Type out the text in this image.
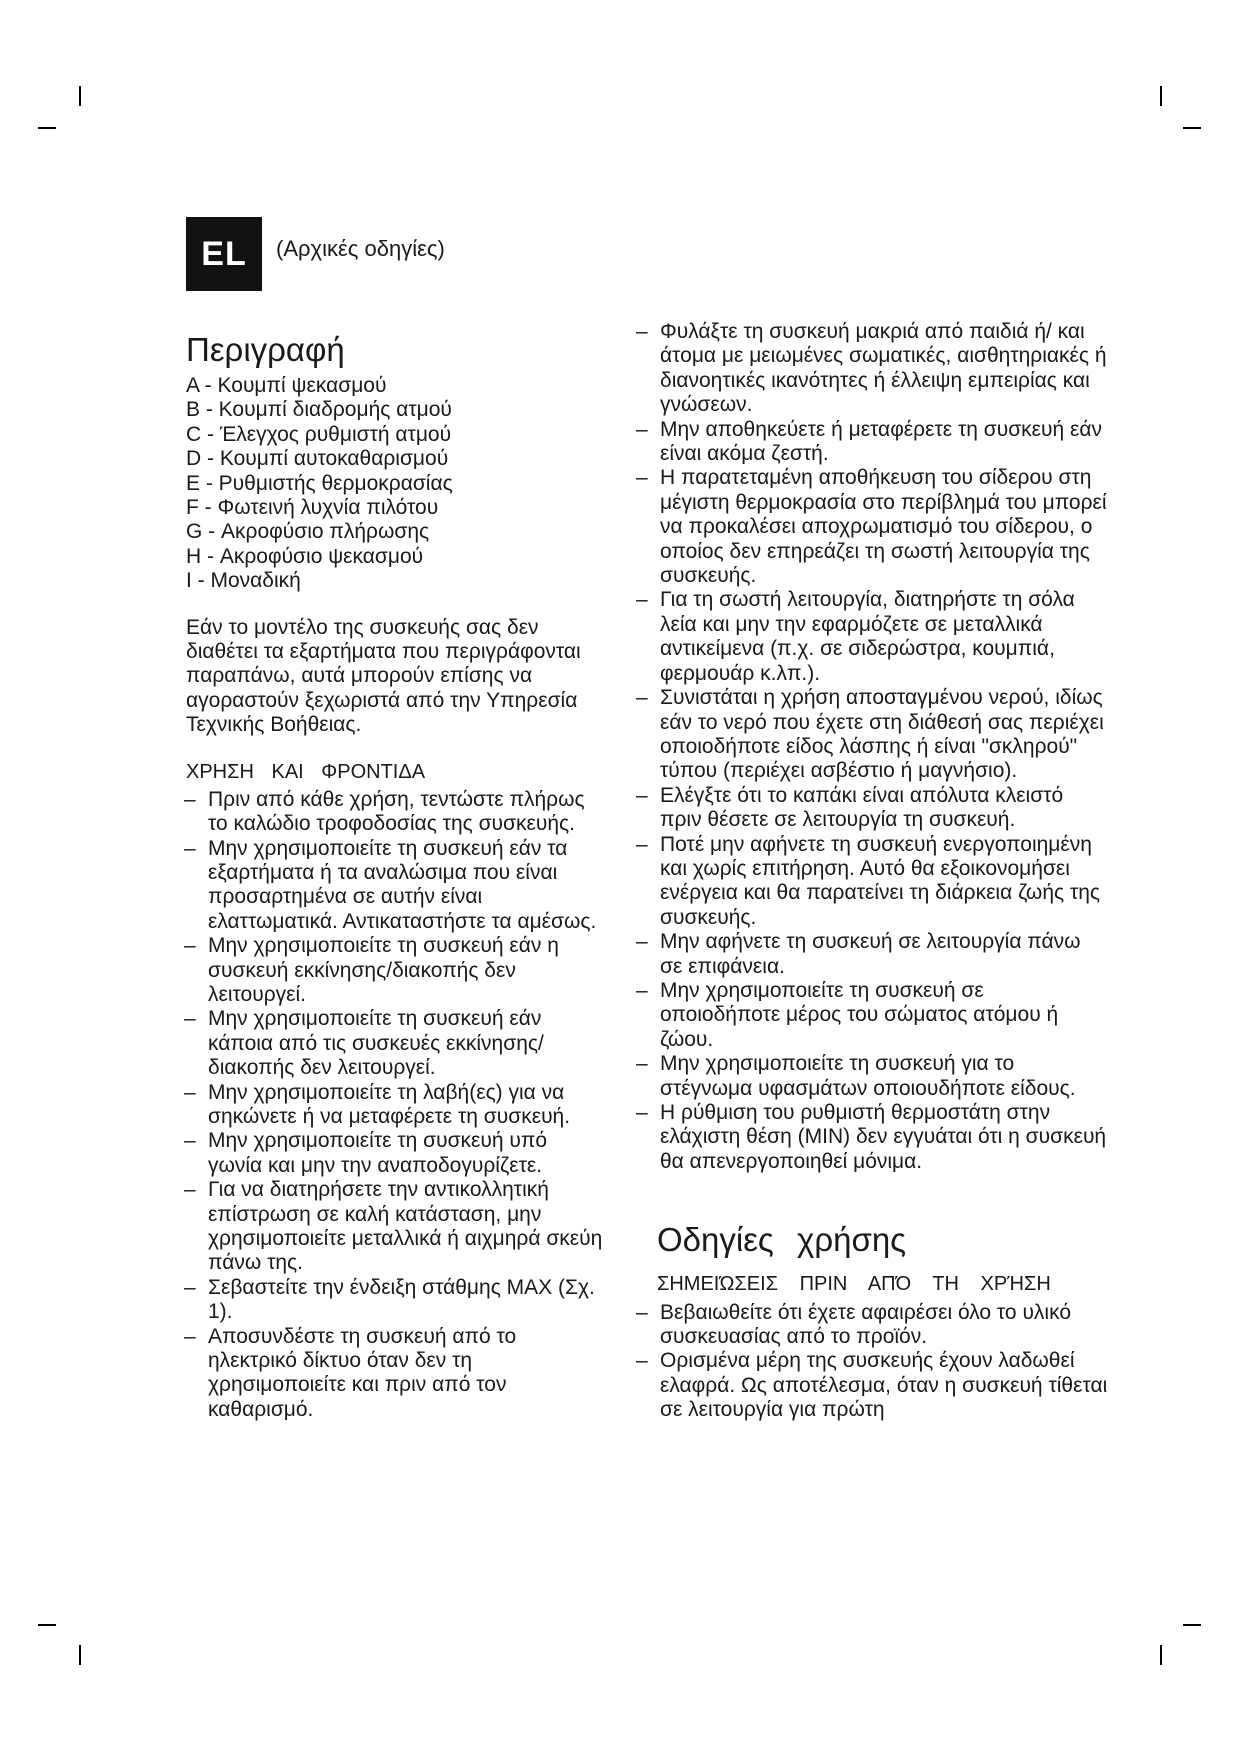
EL	(Αρχικές οδηγίες)
Περιγραφή
A - Κουμπί ψεκασμού
B - Κουμπί διαδρομής ατμού
C - Έλεγχος ρυθμιστή ατμού
D - Κουμπί αυτοκαθαρισμού
E - Ρυθμιστής θερμοκρασίας
F - Φωτεινή λυχνία πιλότου
G - Ακροφύσιο πλήρωσης
H - Ακροφύσιο ψεκασμού
I - Μοναδική

Εάν το μοντέλο της συσκευής σας δεν διαθέτει τα εξαρτήματα που περιγράφονται παραπάνω, αυτά μπορούν επίσης να αγοραστούν ξεχωριστά από την Υπηρεσία Τεχνικής Βοήθειας.

ΧΡΗΣΗ ΚΑΙ ΦΡΟΝΤΙΔΑ
– Πριν από κάθε χρήση, τεντώστε πλήρως το καλώδιο τροφοδοσίας της συσκευής.
– Μην χρησιμοποιείτε τη συσκευή εάν τα εξαρτήματα ή τα αναλώσιμα που είναι προσαρτημένα σε αυτήν είναι ελαττωματικά. Αντικαταστήστε τα αμέσως.
– Μην χρησιμοποιείτε τη συσκευή εάν η συσκευή εκκίνησης/διακοπής δεν λειτουργεί.
– Μην χρησιμοποιείτε τη συσκευή εάν κάποια από τις συσκευές εκκίνησης/ διακοπής δεν λειτουργεί.
– Μην χρησιμοποιείτε τη λαβή(ες) για να σηκώνετε ή να μεταφέρετε τη συσκευή.
– Μην χρησιμοποιείτε τη συσκευή υπό γωνία και μην την αναποδογυρίζετε.
– Για να διατηρήσετε την αντικολλητική επίστρωση σε καλή κατάσταση, μην χρησιμοποιείτε μεταλλικά ή αιχμηρά σκεύη πάνω της.
– Σεβαστείτε την ένδειξη στάθμης MAX (Σχ. 1).
– Αποσυνδέστε τη συσκευή από το ηλεκτρικό δίκτυο όταν δεν τη χρησιμοποιείτε και πριν από τον καθαρισμό.
– Φυλάξτε τη συσκευή μακριά από παιδιά ή/ και άτομα με μειωμένες σωματικές, αισθητηριακές ή διανοητικές ικανότητες ή έλλειψη εμπειρίας και γνώσεων.
– Μην αποθηκεύετε ή μεταφέρετε τη συσκευή εάν είναι ακόμα ζεστή.
– Η παρατεταμένη αποθήκευση του σίδερου στη μέγιστη θερμοκρασία στο περίβλημά του μπορεί να προκαλέσει αποχρωματισμό του σίδερου, ο οποίος δεν επηρεάζει τη σωστή λειτουργία της συσκευής.
– Για τη σωστή λειτουργία, διατηρήστε τη σόλα λεία και μην την εφαρμόζετε σε μεταλλικά αντικείμενα (π.χ. σε σιδερώστρα, κουμπιά, φερμουάρ κ.λπ.).
– Συνιστάται η χρήση αποσταγμένου νερού, ιδίως εάν το νερό που έχετε στη διάθεσή σας περιέχει οποιοδήποτε είδος λάσπης ή είναι "σκληρού" τύπου (περιέχει ασβέστιο ή μαγνήσιο).
– Ελέγξτε ότι το καπάκι είναι απόλυτα κλειστό πριν θέσετε σε λειτουργία τη συσκευή.
– Ποτέ μην αφήνετε τη συσκευή ενεργοποιημένη και χωρίς επιτήρηση. Αυτό θα εξοικονομήσει ενέργεια και θα παρατείνει τη διάρκεια ζωής της συσκευής.
– Μην αφήνετε τη συσκευή σε λειτουργία πάνω σε επιφάνεια.
– Μην χρησιμοποιείτε τη συσκευή σε οποιοδήποτε μέρος του σώματος ατόμου ή ζώου.
– Μην χρησιμοποιείτε τη συσκευή για το στέγνωμα υφασμάτων οποιουδήποτε είδους.
– Η ρύθμιση του ρυθμιστή θερμοστάτη στην ελάχιστη θέση (MIN) δεν εγγυάται ότι η συσκευή θα απενεργοποιηθεί μόνιμα.
Οδηγίες χρήσης
ΣΗΜΕΙΏΣΕΙΣ ΠΡΙΝ ΑΠΌ ΤΗ ΧΡΉΣΗ
– Βεβαιωθείτε ότι έχετε αφαιρέσει όλο το υλικό συσκευασίας από το προϊόν.
– Ορισμένα μέρη της συσκευής έχουν λαδωθεί ελαφρά. Ως αποτέλεσμα, όταν η συσκευή τίθεται σε λειτουργία για πρώτη
